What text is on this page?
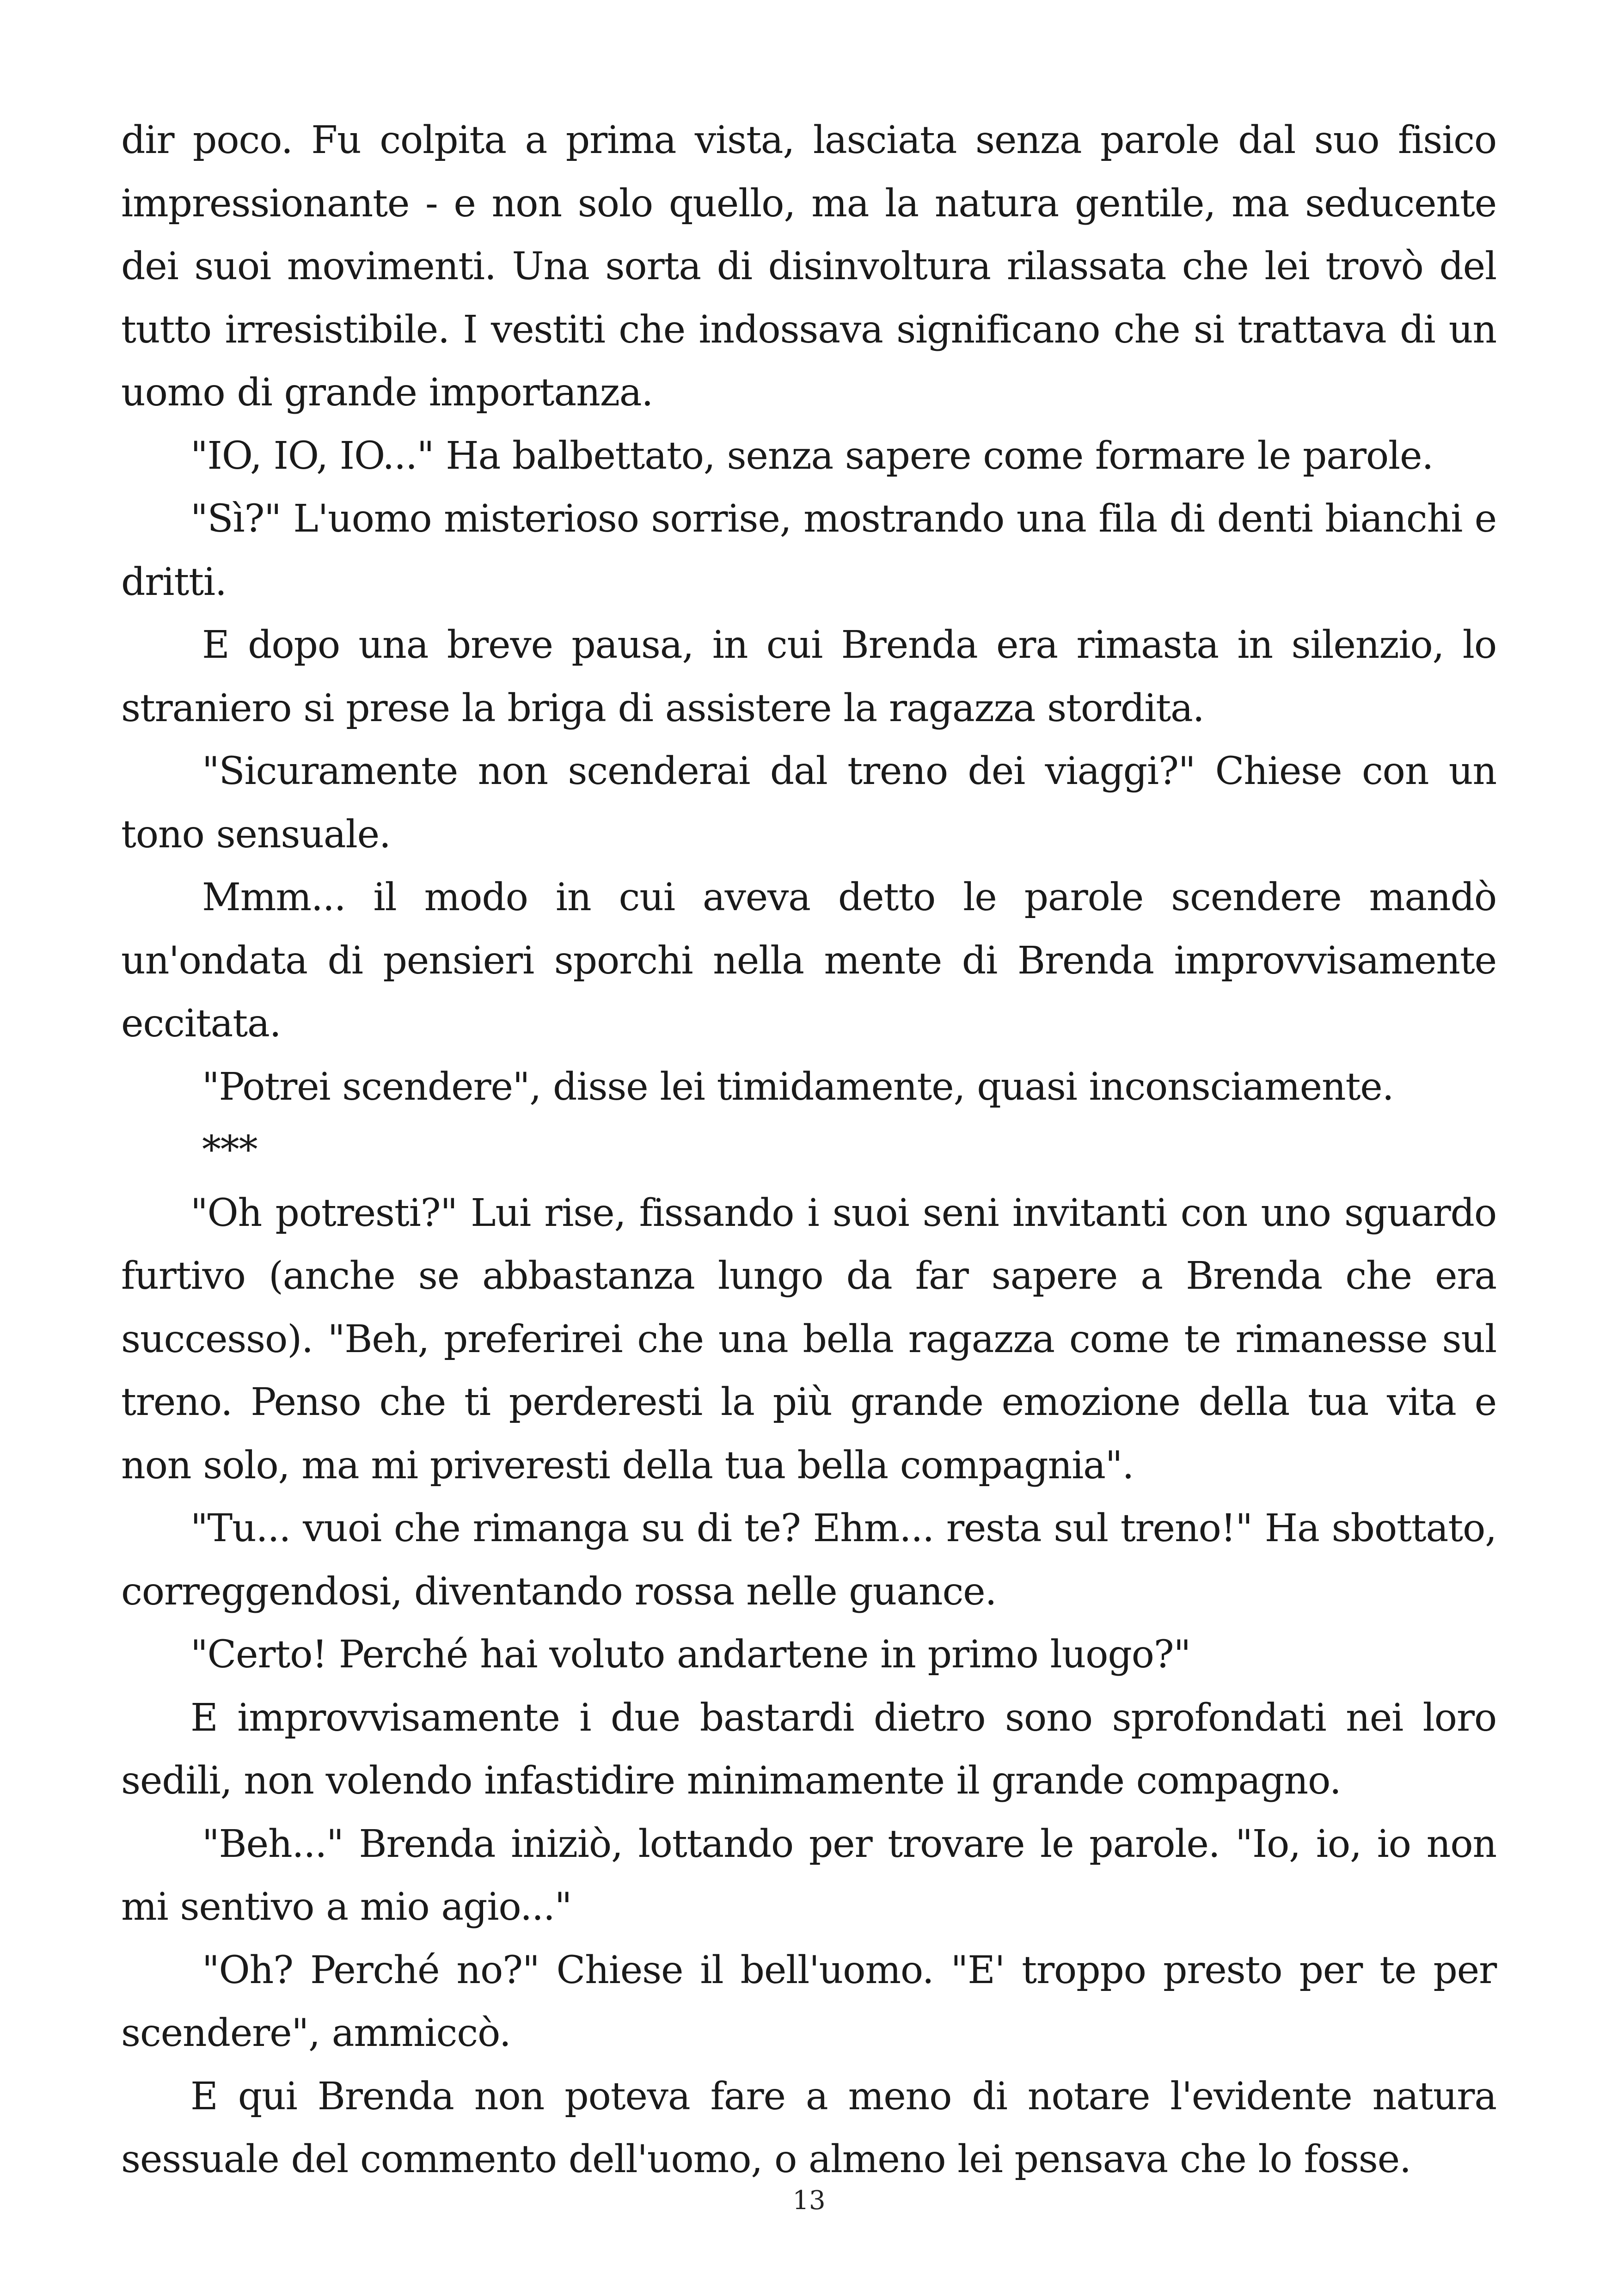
dir poco. Fu colpita a prima vista, lasciata senza parole dal suo fisico impressionante - e non solo quello, ma la natura gentile, ma seducente dei suoi movimenti. Una sorta di disinvoltura rilassata che lei trovò del tutto irresistibile. I vestiti che indossava significano che si trattava di un uomo di grande importanza.

"IO, IO, IO..." Ha balbettato, senza sapere come formare le parole.

"Sì?" L'uomo misterioso sorrise, mostrando una fila di denti bianchi e dritti.

E dopo una breve pausa, in cui Brenda era rimasta in silenzio, lo straniero si prese la briga di assistere la ragazza stordita.

"Sicuramente non scenderai dal treno dei viaggi?" Chiese con un tono sensuale.

Mmm... il modo in cui aveva detto le parole scendere mandò un'ondata di pensieri sporchi nella mente di Brenda improvvisamente eccitata.

"Potrei scendere", disse lei timidamente, quasi inconsciamente.

***

"Oh potresti?" Lui rise, fissando i suoi seni invitanti con uno sguardo furtivo (anche se abbastanza lungo da far sapere a Brenda che era successo). "Beh, preferirei che una bella ragazza come te rimanesse sul treno. Penso che ti perderesti la più grande emozione della tua vita e non solo, ma mi priveresti della tua bella compagnia".

"Tu... vuoi che rimanga su di te? Ehm... resta sul treno!" Ha sbottato, correggendosi, diventando rossa nelle guance.

"Certo! Perché hai voluto andartene in primo luogo?"

E improvvisamente i due bastardi dietro sono sprofondati nei loro sedili, non volendo infastidire minimamente il grande compagno.

"Beh..." Brenda iniziò, lottando per trovare le parole. "Io, io, io non mi sentivo a mio agio..."

"Oh? Perché no?" Chiese il bell'uomo. "E' troppo presto per te per scendere", ammiccò.

E qui Brenda non poteva fare a meno di notare l'evidente natura sessuale del commento dell'uomo, o almeno lei pensava che lo fosse.

13
